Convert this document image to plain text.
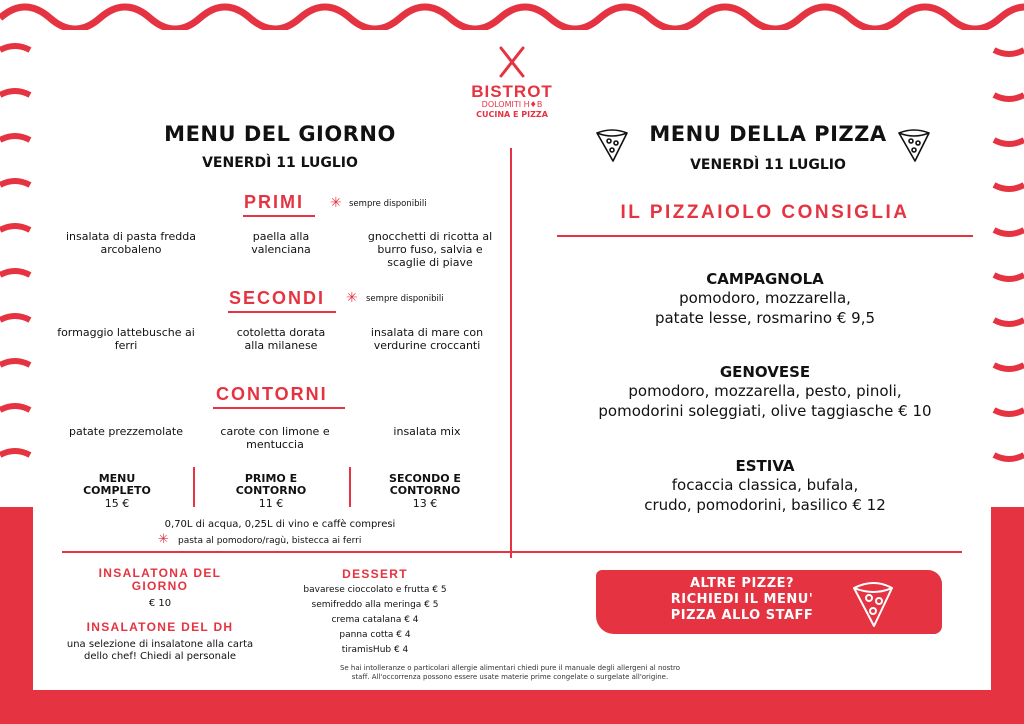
BISTROT
DOLOMITI H♦B
CUCINA E PIZZA
MENU DEL GIORNO
VENERDÌ 11 LUGLIO
PRIMI ✳ sempre disponibili
insalata di pasta fredda arcobaleno
paella alla valenciana
gnocchetti di ricotta al burro fuso, salvia e scaglie di piave
SECONDI ✳ sempre disponibili
formaggio lattebusche ai ferri
cotoletta dorata alla milanese
insalata di mare con verdurine croccanti
CONTORNI
patate prezzemolate	carote con limone e mentuccia
insalata mix
MENU COMPLETO
15 €
PRIMO E CONTORNO
11 €
SECONDO E CONTORNO
13 €
0,70L di acqua, 0,25L di vino e caffè compresi
✳ pasta al pomodoro/ragù, bistecca ai ferri
INSALATONA DEL GIORNO
€ 10
INSALATONE DEL DH
una selezione di insalatone alla carta dello chef! Chiedi al personale
DESSERT
bavarese cioccolato e frutta € 5
semifreddo alla meringa € 5
crema catalana € 4
panna cotta € 4
tiramisHub € 4
Se hai intolleranze o particolari allergie alimentari chiedi pure il manuale degli allergeni al nostro staff. All'occorrenza possono essere usate materie prime congelate o surgelate all'origine.
MENU DELLA PIZZA
VENERDÌ 11 LUGLIO
IL PIZZAIOLO CONSIGLIA
CAMPAGNOLA
pomodoro, mozzarella,
patate lesse, rosmarino € 9,5
GENOVESE
pomodoro, mozzarella, pesto, pinoli,
pomodorini soleggiati, olive taggiasche € 10
ESTIVA
focaccia classica, bufala,
crudo, pomodorini, basilico € 12
ALTRE PIZZE?
RICHIEDI IL MENU'
PIZZA ALLO STAFF
